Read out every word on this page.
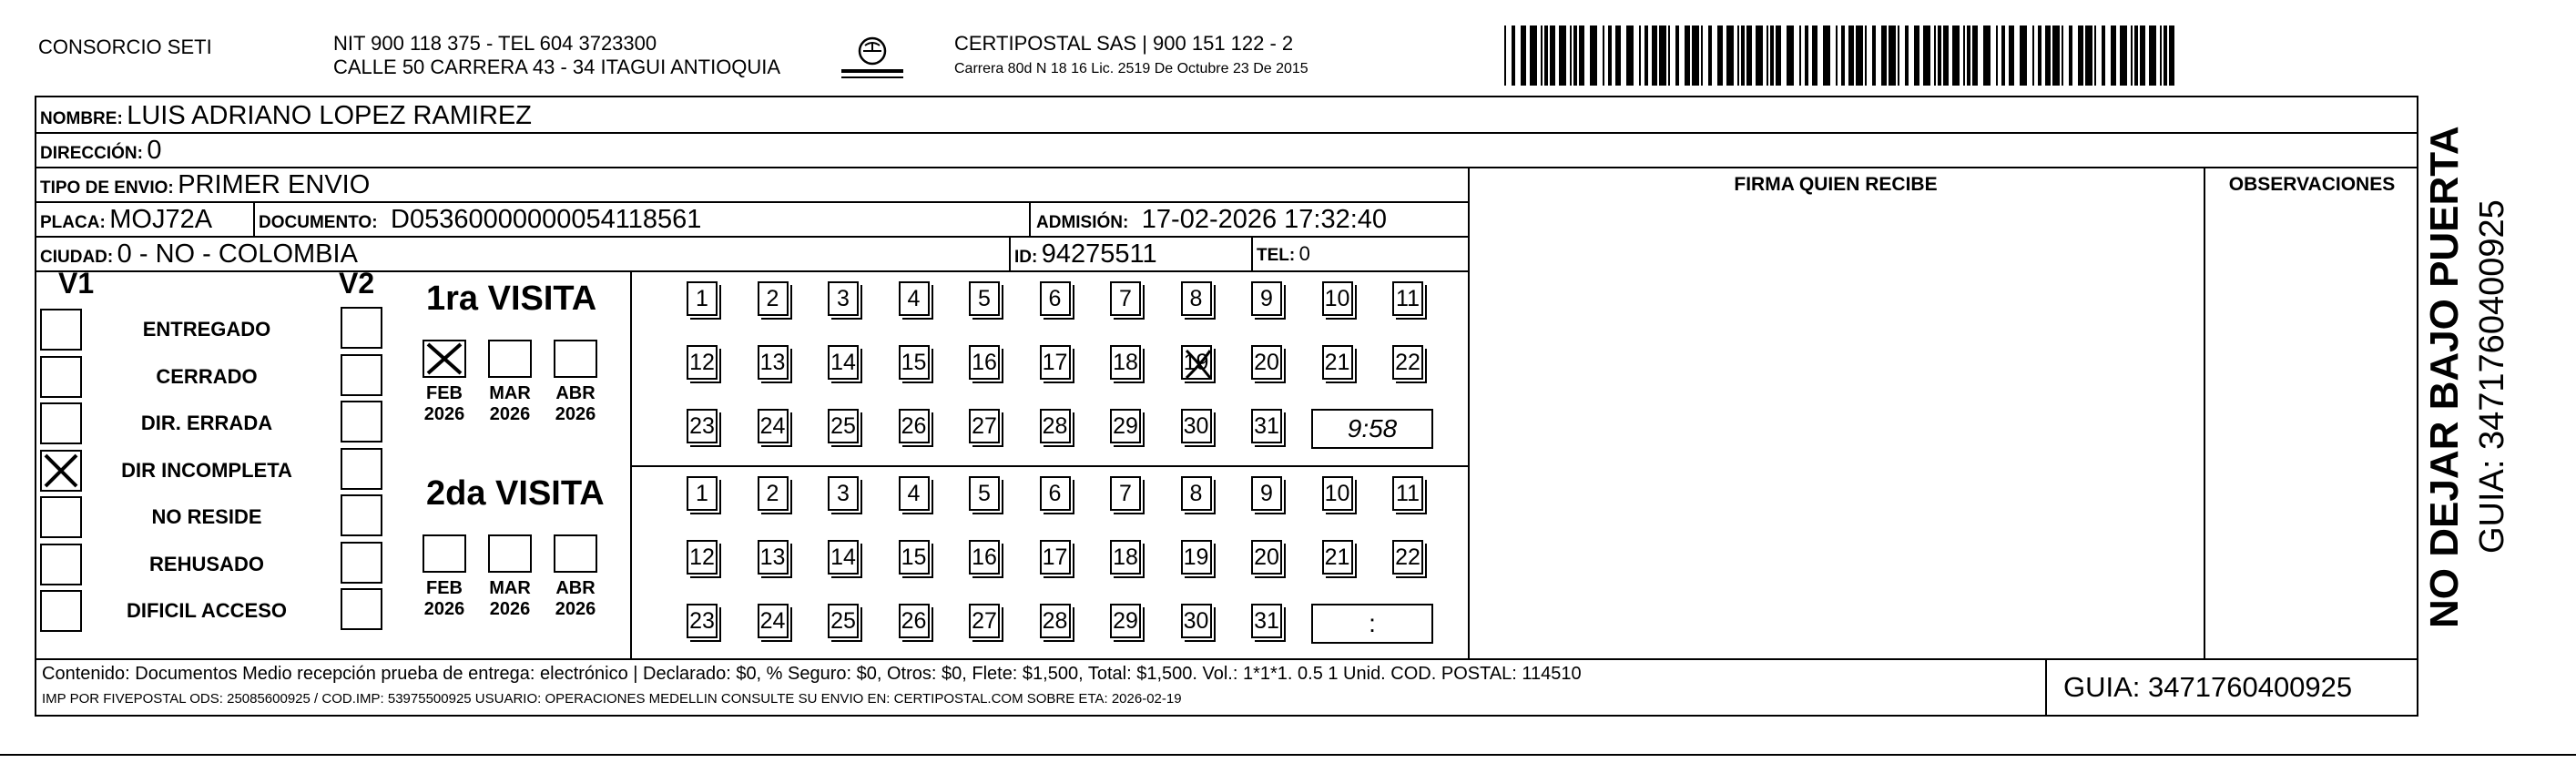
CONSORCIO SETI	NIT 900 118 375 - TEL 604 3723300
CALLE 50 CARRERA 43 - 34 ITAGUI ANTIOQUIA
CERTIPOSTAL SAS | 900 151 122 - 2
Carrera 80d N 18 16 Lic. 2519 De Octubre 23 De 2015
NOMBRE: LUIS ADRIANO LOPEZ RAMIREZ
DIRECCIÓN: 0
TIPO DE ENVIO: PRIMER ENVIO
PLACA: MOJ72A	DOCUMENTO: D05360000000054118561	ADMISIÓN: 17-02-2026 17:32:40
CIUDAD: 0 - NO - COLOMBIA	ID: 94275511	TEL: 0
FIRMA QUIEN RECIBE	OBSERVACIONES
V1	V2
Contenido: Documentos Medio recepción prueba de entrega: electrónico | Declarado: $0, % Seguro: $0, Otros: $0, Flete: $1,500, Total: $1,500. Vol.: 1*1*1. 0.5 1 Unid. COD. POSTAL: 114510
IMP POR FIVEPOSTAL ODS: 25085600925 / COD.IMP: 53975500925 USUARIO: OPERACIONES MEDELLIN CONSULTE SU ENVIO EN: CERTIPOSTAL.COM SOBRE ETA: 2026-02-19	GUIA: 3471760400925
ENTREGADO
CERRADO
DIR. ERRADA
DIR INCOMPLETA
NO RESIDE
REHUSADO
DIFICIL ACCESO
1ra VISITA
FEB
2026
MAR
2026
ABR
2026
1	2	3	4	5	6	7	8	9	10 11
12 13 14 15 16 17 18 19 20 21 22
23 24 25 26 27 28 29 30 31	9:58
2da VISITA
FEB
2026
MAR
2026
ABR
2026
1	2	3	4	5	6	7	8	9	10 11
12 13 14 15 16 17 18 19 20 21 22
23 24 25 26 27 28 29 30 31	:	NO DEJAR BAJO PUERTA GUIA: 3471760400925
